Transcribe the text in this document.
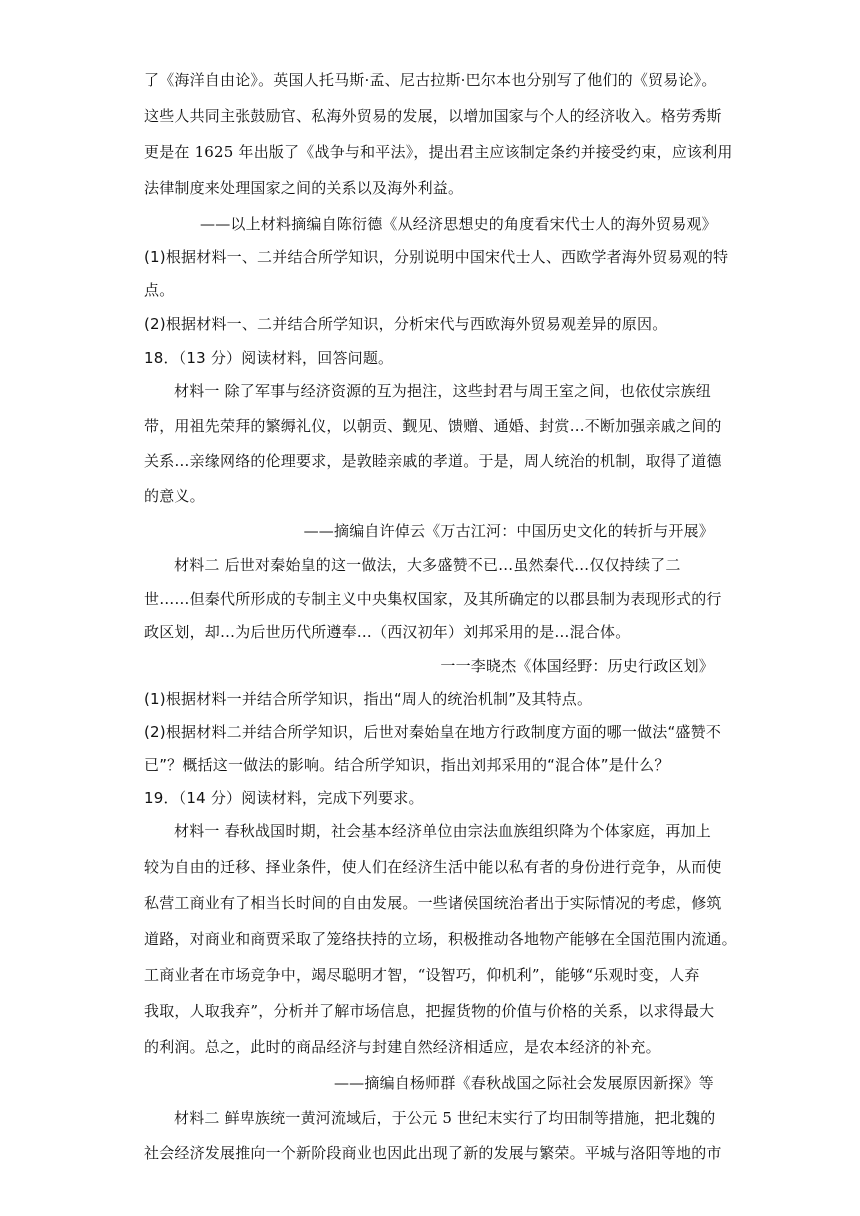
了《海洋自由论》。英国人托马斯·孟、尼古拉斯·巴尔本也分别写了他们的《贸易论》。
这些人共同主张鼓励官、私海外贸易的发展，以增加国家与个人的经济收入。格劳秀斯
更是在 1625 年出版了《战争与和平法》，提出君主应该制定条约并接受约束，应该利用
法律制度来处理国家之间的关系以及海外利益。
——以上材料摘编自陈衍德《从经济思想史的角度看宋代士人的海外贸易观》
(1)根据材料一、二并结合所学知识，分别说明中国宋代士人、西欧学者海外贸易观的特
点。
(2)根据材料一、二并结合所学知识，分析宋代与西欧海外贸易观差异的原因。
18．（13 分）阅读材料，回答问题。
材料一 除了军事与经济资源的互为挹注，这些封君与周王室之间，也依仗宗族纽
带，用祖先荣拜的繁缛礼仪，以朝贡、觐见、馈赠、通婚、封赏…不断加强亲戚之间的
关系…亲缘网络的伦理要求，是敦睦亲戚的孝道。于是，周人统治的机制，取得了道德
的意义。
——摘编自许倬云《万古江河：中国历史文化的转折与开展》
材料二 后世对秦始皇的这一做法，大多盛赞不已…虽然秦代…仅仅持续了二
世……但秦代所形成的专制主义中央集权国家，及其所确定的以郡县制为表现形式的行
政区划，却…为后世历代所遵奉…（西汉初年）刘邦采用的是…混合体。
一一李晓杰《体国经野：历史行政区划》
(1)根据材料一并结合所学知识，指出“周人的统治机制”及其特点。
(2)根据材料二并结合所学知识，后世对秦始皇在地方行政制度方面的哪一做法“盛赞不
已”？概括这一做法的影响。结合所学知识，指出刘邦采用的“混合体”是什么？
19．（14 分）阅读材料，完成下列要求。
材料一 春秋战国时期，社会基本经济单位由宗法血族组织降为个体家庭，再加上
较为自由的迁移、择业条件，使人们在经济生活中能以私有者的身份进行竞争，从而使
私营工商业有了相当长时间的自由发展。一些诸侯国统治者出于实际情况的考虑，修筑
道路，对商业和商贾采取了笼络扶持的立场，积极推动各地物产能够在全国范围内流通。
工商业者在市场竞争中，竭尽聪明才智，“设智巧，仰机利”，能够“乐观时变，人弃
我取，人取我弃”，分析并了解市场信息，把握货物的价值与价格的关系，以求得最大
的利润。总之，此时的商品经济与封建自然经济相适应，是农本经济的补充。
——摘编自杨师群《春秋战国之际社会发展原因新探》等
材料二 鲜卑族统一黄河流域后，于公元 5 世纪末实行了均田制等措施，把北魏的
社会经济发展推向一个新阶段商业也因此出现了新的发展与繁荣。平城与洛阳等地的市
